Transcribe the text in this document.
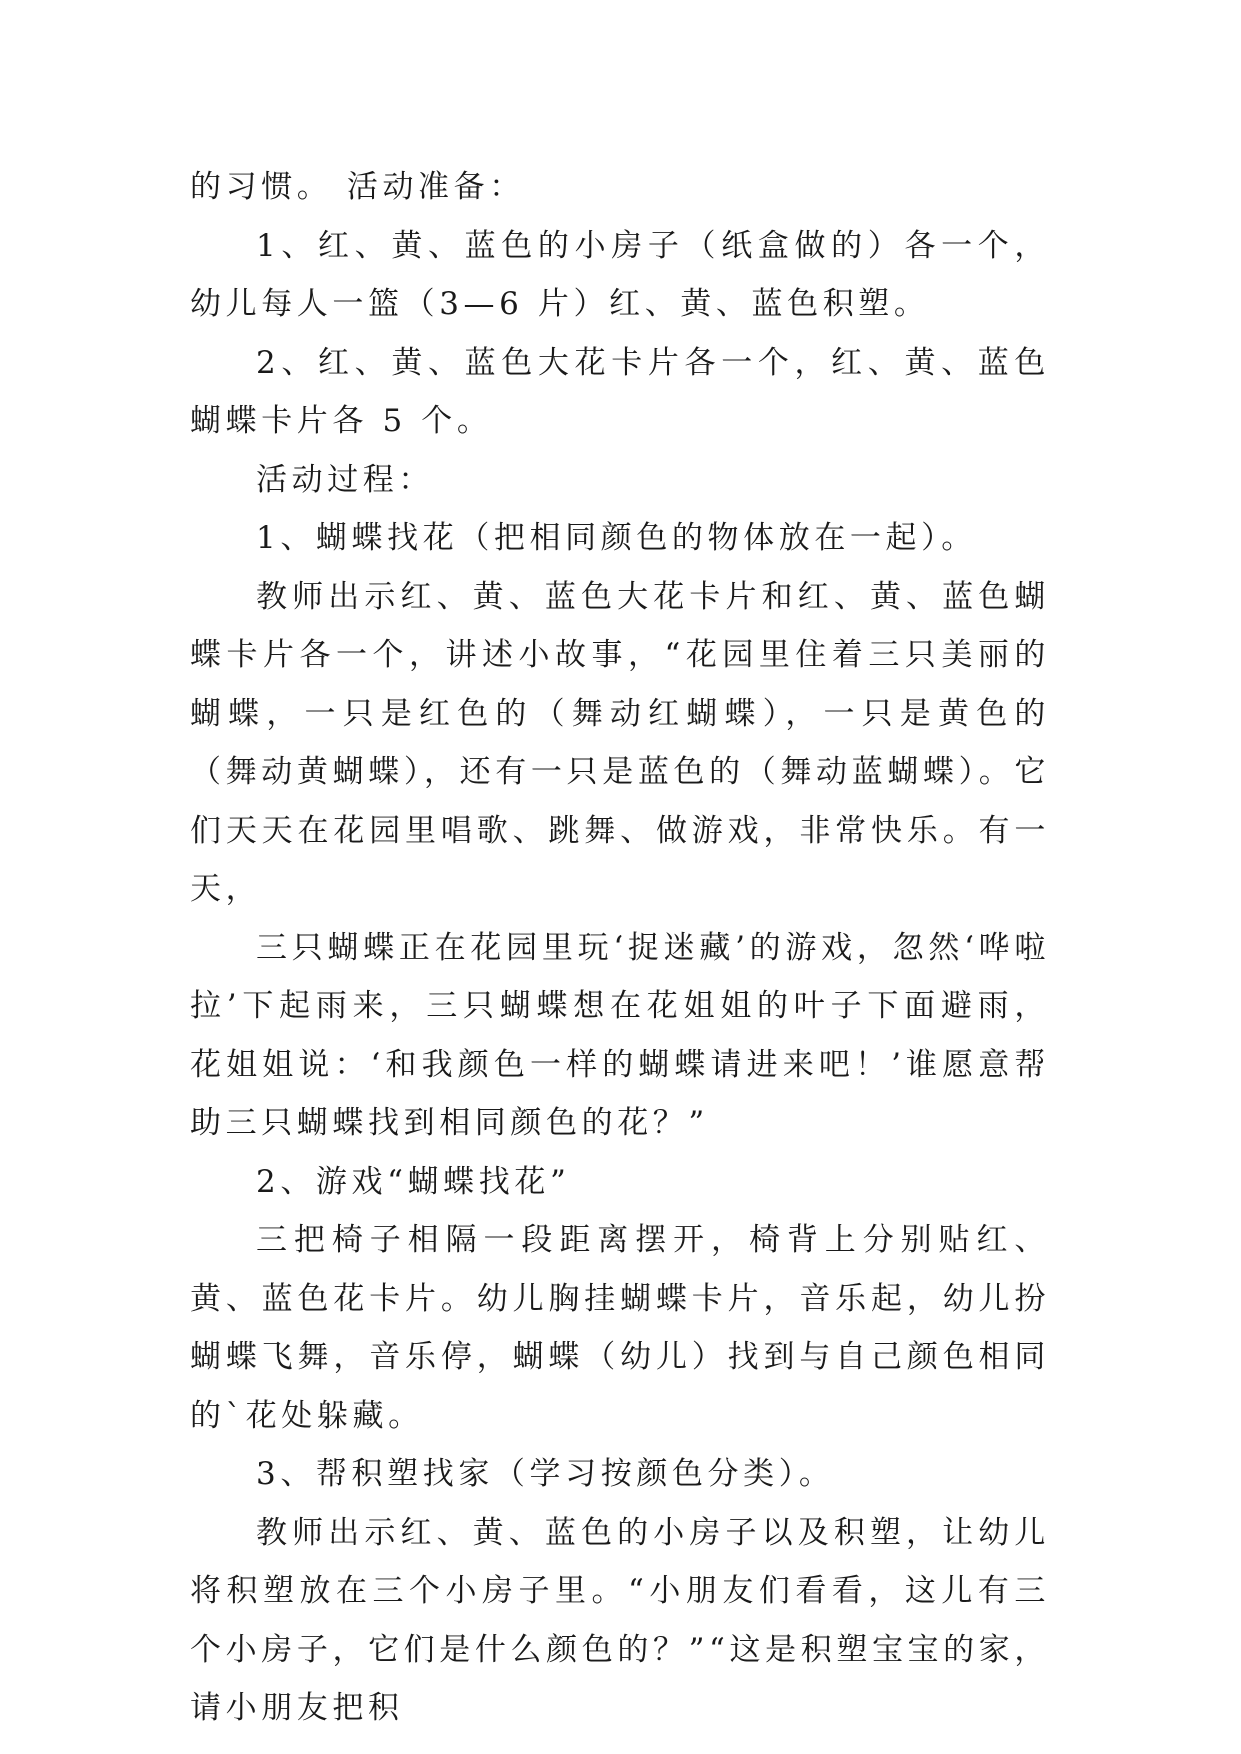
的习惯。 活动准备：

1、红、黄、蓝色的小房子（纸盒做的）各一个，幼儿每人一篮（3—6 片）红、黄、蓝色积塑。

2、红、黄、蓝色大花卡片各一个，红、黄、蓝色蝴蝶卡片各 5 个。

活动过程：

1、蝴蝶找花（把相同颜色的物体放在一起）。

教师出示红、黄、蓝色大花卡片和红、黄、蓝色蝴蝶卡片各一个，讲述小故事，“花园里住着三只美丽的蝴蝶，一只是红色的（舞动红蝴蝶），一只是黄色的（舞动黄蝴蝶），还有一只是蓝色的（舞动蓝蝴蝶）。它们天天在花园里唱歌、跳舞、做游戏，非常快乐。有一天，

三只蝴蝶正在花园里玩‘捉迷藏’的游戏，忽然‘哗啦拉’下起雨来，三只蝴蝶想在花姐姐的叶子下面避雨，花姐姐说：‘和我颜色一样的蝴蝶请进来吧！’谁愿意帮助三只蝴蝶找到相同颜色的花？”

2、游戏“蝴蝶找花”

三把椅子相隔一段距离摆开，椅背上分别贴红、黄、蓝色花卡片。幼儿胸挂蝴蝶卡片，音乐起，幼儿扮蝴蝶飞舞，音乐停，蝴蝶（幼儿）找到与自己颜色相同的`花处躲藏。

3、帮积塑找家（学习按颜色分类）。

教师出示红、黄、蓝色的小房子以及积塑，让幼儿将积塑放在三个小房子里。“小朋友们看看，这儿有三个小房子，它们是什么颜色的？”“这是积塑宝宝的家，请小朋友把积
